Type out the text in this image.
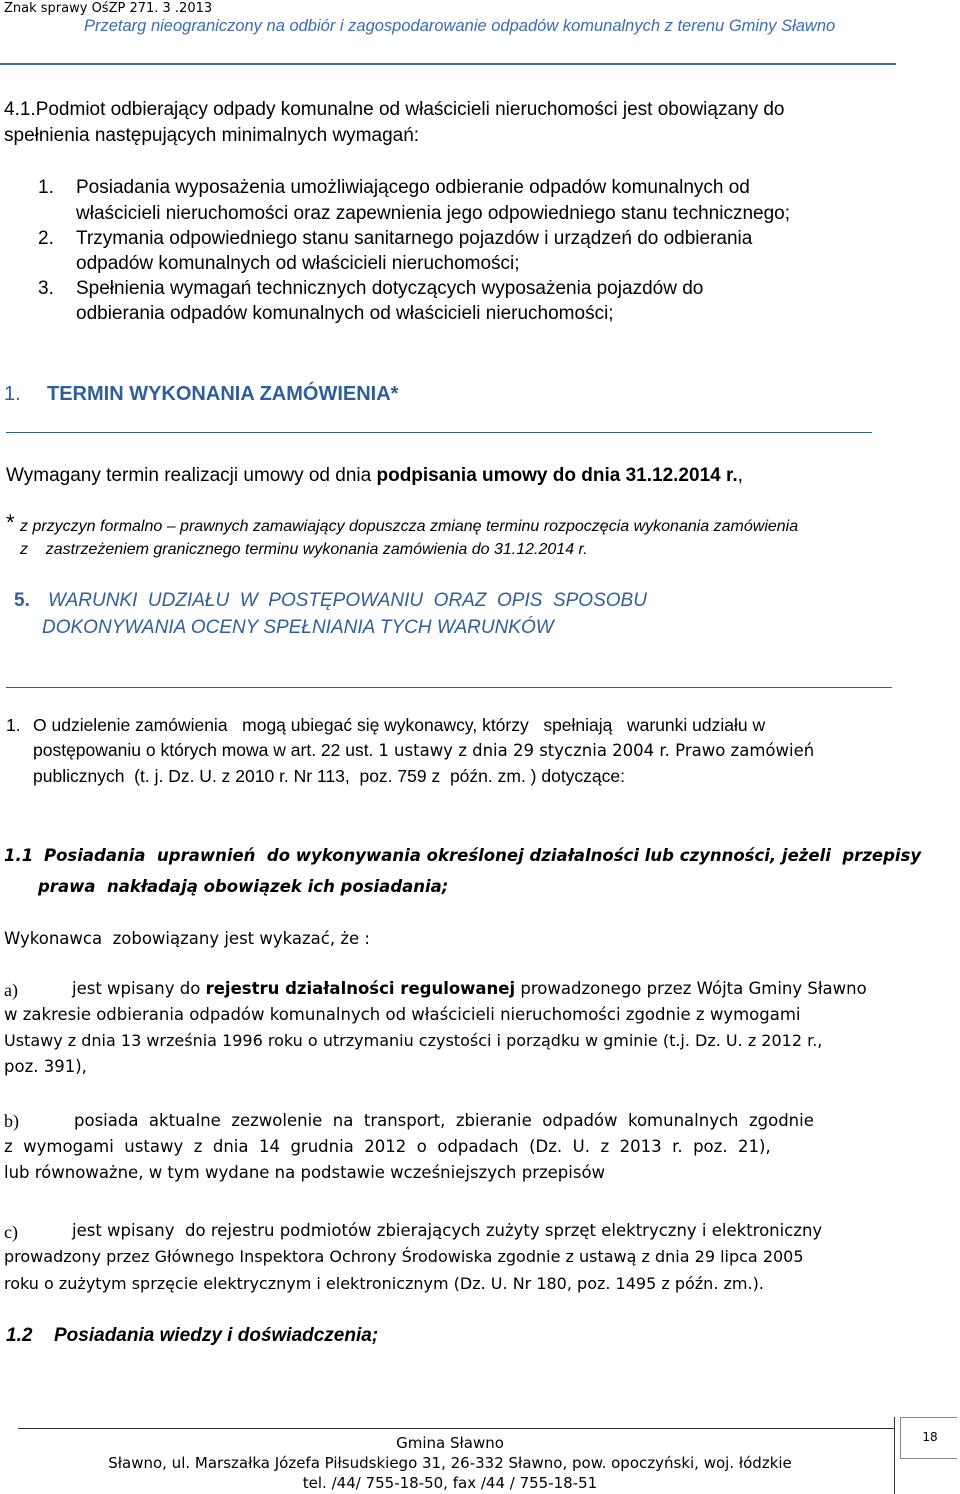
Znak sprawy OśZP 271. 3 .2013
Przetarg nieograniczony na odbiór i zagospodarowanie odpadów komunalnych z terenu Gminy Sławno
4.1.Podmiot odbierający odpady komunalne od właścicieli nieruchomości jest obowiązany do
spełnienia następujących minimalnych wymagań:
1. Posiadania wyposażenia umożliwiającego odbieranie odpadów komunalnych od
właścicieli nieruchomości oraz zapewnienia jego odpowiedniego stanu technicznego;
2. Trzymania odpowiedniego stanu sanitarnego pojazdów i urządzeń do odbierania
odpadów komunalnych od właścicieli nieruchomości;
3. Spełnienia wymagań technicznych dotyczących wyposażenia pojazdów do
odbierania odpadów komunalnych od właścicieli nieruchomości;
1. TERMIN WYKONANIA ZAMÓWIENIA*
Wymagany termin realizacji umowy od dnia podpisania umowy do dnia 31.12.2014 r.,
* z przyczyn formalno – prawnych zamawiający dopuszcza zmianę terminu rozpoczęcia wykonania zamówienia
z    zastrzeżeniem granicznego terminu wykonania zamówienia do 31.12.2014 r.
5. WARUNKI  UDZIAŁU  W  POSTĘPOWANIU  ORAZ  OPIS  SPOSOBU
DOKONYWANIA OCENY SPEŁNIANIA TYCH WARUNKÓW
1. O udzielenie zamówienia   mogą ubiegać się wykonawcy, którzy   spełniają   warunki udziału w
postępowaniu o których mowa w art. 22 ust. 1 ustawy z dnia 29 stycznia 2004 r. Prawo zamówień
publicznych  (t. j. Dz. U. z 2010 r. Nr 113,  poz. 759 z  późn. zm. ) dotyczące:
1.1 Posiadania  uprawnień  do wykonywania określonej działalności lub czynności, jeżeli  przepisy
prawa  nakładają obowiązek ich posiadania;
Wykonawca  zobowiązany jest wykazać, że :
a)	jest wpisany do rejestru działalności regulowanej prowadzonego przez Wójta Gminy Sławno
w zakresie odbierania odpadów komunalnych od właścicieli nieruchomości zgodnie z wymogami
Ustawy z dnia 13 września 1996 roku o utrzymaniu czystości i porządku w gminie (t.j. Dz. U. z 2012 r.,
poz. 391),
b)	posiada  aktualne  zezwolenie  na  transport,  zbieranie  odpadów  komunalnych  zgodnie
z  wymogami  ustawy  z  dnia  14  grudnia  2012  o  odpadach  (Dz.  U.  z  2013  r.  poz.  21),
lub równoważne, w tym wydane na podstawie wcześniejszych przepisów
c)	jest wpisany  do rejestru podmiotów zbierających zużyty sprzęt elektryczny i elektroniczny
prowadzony przez Głównego Inspektora Ochrony Środowiska zgodnie z ustawą z dnia 29 lipca 2005
roku o zużytym sprzęcie elektrycznym i elektronicznym (Dz. U. Nr 180, poz. 1495 z późn. zm.).
1.2 Posiadania wiedzy i doświadczenia;
18
Gmina Sławno
Sławno, ul. Marszałka Józefa Piłsudskiego 31, 26-332 Sławno, pow. opoczyński, woj. łódzkie
tel. /44/ 755-18-50, fax /44 / 755-18-51
